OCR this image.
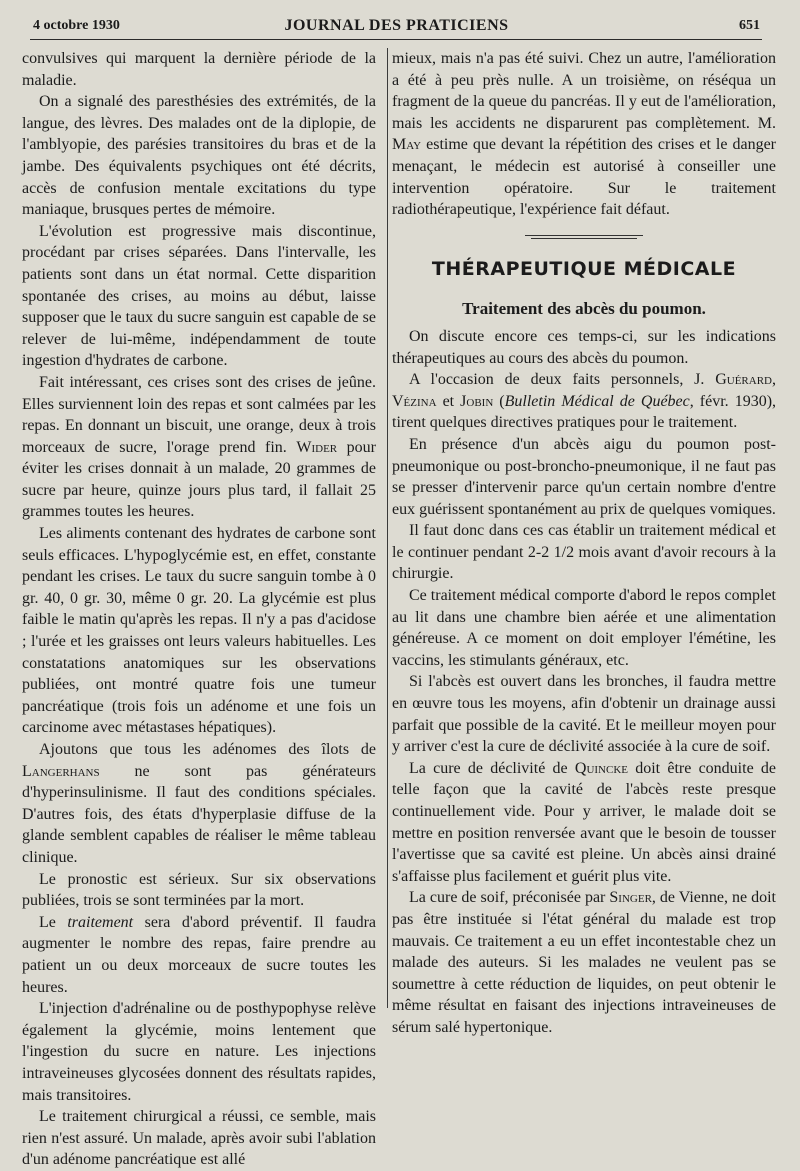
4 octobre 1930	JOURNAL DES PRATICIENS	651

convulsives qui marquent la dernière période de la maladie.

On a signalé des paresthésies des extrémités, de la langue, des lèvres. Des malades ont de la diplopie, de l'amblyopie, des parésies transitoires du bras et de la jambe. Des équivalents psychiques ont été décrits, accès de confusion mentale excitations du type maniaque, brusques pertes de mémoire.

L'évolution est progressive mais discontinue, procédant par crises séparées. Dans l'intervalle, les patients sont dans un état normal. Cette disparition spontanée des crises, au moins au début, laisse supposer que le taux du sucre sanguin est capable de se relever de lui-même, indépendamment de toute ingestion d'hydrates de carbone.

Fait intéressant, ces crises sont des crises de jeûne. Elles surviennent loin des repas et sont calmées par les repas. En donnant un biscuit, une orange, deux à trois morceaux de sucre, l'orage prend fin. Wider pour éviter les crises donnait à un malade, 20 grammes de sucre par heure, quinze jours plus tard, il fallait 25 grammes toutes les heures.

Les aliments contenant des hydrates de carbone sont seuls efficaces. L'hypoglycémie est, en effet, constante pendant les crises. Le taux du sucre sanguin tombe à 0 gr. 40, 0 gr. 30, même 0 gr. 20. La glycémie est plus faible le matin qu'après les repas. Il n'y a pas d'acidose ; l'urée et les graisses ont leurs valeurs habituelles. Les constatations anatomiques sur les observations publiées, ont montré quatre fois une tumeur pancréatique (trois fois un adénome et une fois un carcinome avec métastases hépatiques).

Ajoutons que tous les adénomes des îlots de Langerhans ne sont pas générateurs d'hyperinsulinisme. Il faut des conditions spéciales. D'autres fois, des états d'hyperplasie diffuse de la glande semblent capables de réaliser le même tableau clinique.

Le pronostic est sérieux. Sur six observations publiées, trois se sont terminées par la mort.

Le traitement sera d'abord préventif. Il faudra augmenter le nombre des repas, faire prendre au patient un ou deux morceaux de sucre toutes les heures.

L'injection d'adrénaline ou de posthypophyse relève également la glycémie, moins lentement que l'ingestion du sucre en nature. Les injections intraveineuses glycosées donnent des résultats rapides, mais transitoires.

Le traitement chirurgical a réussi, ce semble, mais rien n'est assuré. Un malade, après avoir subi l'ablation d'un adénome pancréatique est allé

mieux, mais n'a pas été suivi. Chez un autre, l'amélioration a été à peu près nulle. A un troisième, on réséqua un fragment de la queue du pancréas. Il y eut de l'amélioration, mais les accidents ne disparurent pas complètement. M. May estime que devant la répétition des crises et le danger menaçant, le médecin est autorisé à conseiller une intervention opératoire. Sur le traitement radiothérapeutique, l'expérience fait défaut.

THÉRAPEUTIQUE MÉDICALE
Traitement des abcès du poumon.

On discute encore ces temps-ci, sur les indications thérapeutiques au cours des abcès du poumon.

A l'occasion de deux faits personnels, J. Guérard, Vézina et Jobin (Bulletin Médical de Québec, févr. 1930), tirent quelques directives pratiques pour le traitement.

En présence d'un abcès aigu du poumon post-pneumonique ou post-broncho-pneumonique, il ne faut pas se presser d'intervenir parce qu'un certain nombre d'entre eux guérissent spontanément au prix de quelques vomiques.

Il faut donc dans ces cas établir un traitement médical et le continuer pendant 2-2 1/2 mois avant d'avoir recours à la chirurgie.

Ce traitement médical comporte d'abord le repos complet au lit dans une chambre bien aérée et une alimentation généreuse. A ce moment on doit employer l'émétine, les vaccins, les stimulants généraux, etc.

Si l'abcès est ouvert dans les bronches, il faudra mettre en œuvre tous les moyens, afin d'obtenir un drainage aussi parfait que possible de la cavité. Et le meilleur moyen pour y arriver c'est la cure de déclivité associée à la cure de soif.

La cure de déclivité de Quincke doit être conduite de telle façon que la cavité de l'abcès reste presque continuellement vide. Pour y arriver, le malade doit se mettre en position renversée avant que le besoin de tousser l'avertisse que sa cavité est pleine. Un abcès ainsi drainé s'affaisse plus facilement et guérit plus vite.

La cure de soif, préconisée par Singer, de Vienne, ne doit pas être instituée si l'état général du malade est trop mauvais. Ce traitement a eu un effet incontestable chez un malade des auteurs. Si les malades ne veulent pas se soumettre à cette réduction de liquides, on peut obtenir le même résultat en faisant des injections intraveineuses de sérum salé hypertonique.
